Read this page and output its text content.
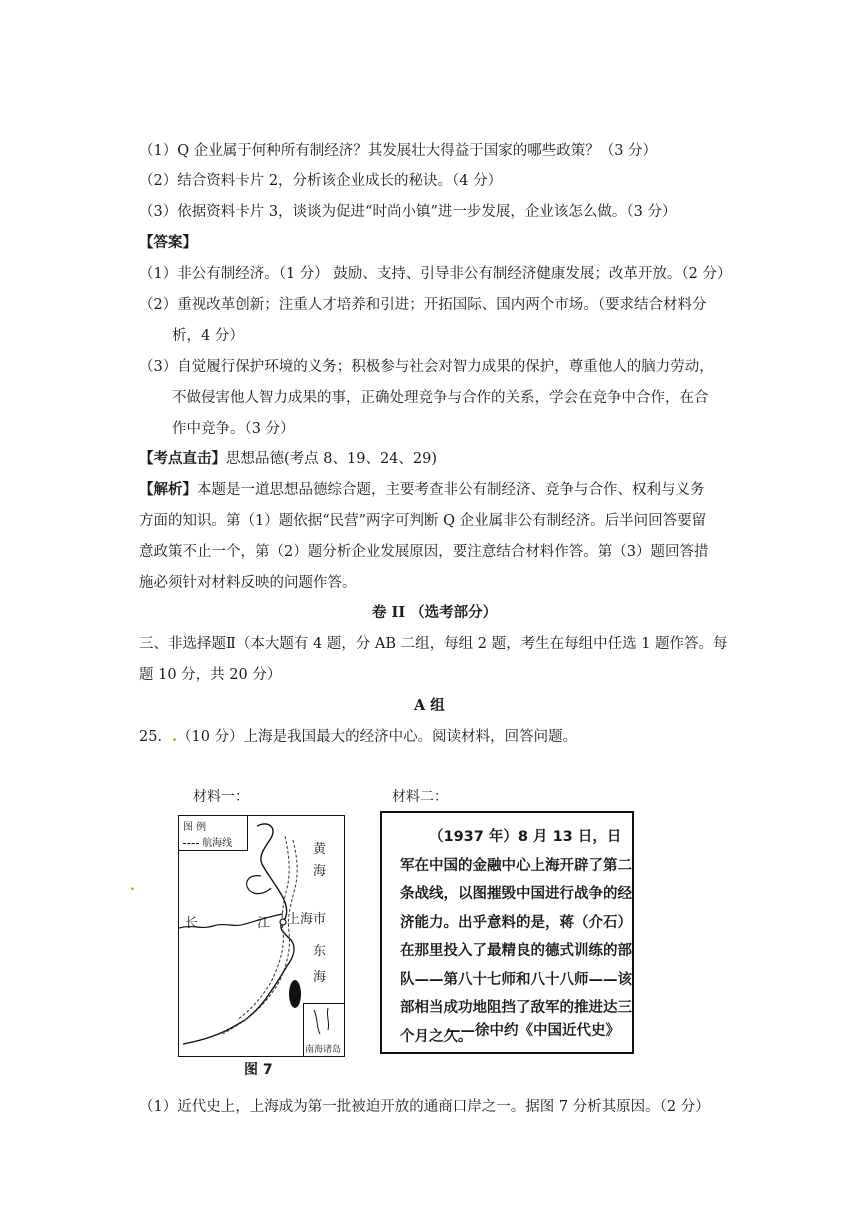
（1）Q 企业属于何种所有制经济？其发展壮大得益于国家的哪些政策？（3 分）
（2）结合资料卡片 2，分析该企业成长的秘诀。（4 分）
（3）依据资料卡片 3，谈谈为促进“时尚小镇”进一步发展，企业该怎么做。（3 分）
【答案】
（1）非公有制经济。（1 分） 鼓励、支持、引导非公有制经济健康发展；改革开放。（2 分）
（2）重视改革创新；注重人才培养和引进；开拓国际、国内两个市场。（要求结合材料分
析，4 分）
（3）自觉履行保护环境的义务；积极参与社会对智力成果的保护，尊重他人的脑力劳动，
不做侵害他人智力成果的事，正确处理竞争与合作的关系，学会在竞争中合作，在合
作中竞争。（3 分）
【考点直击】思想品德(考点 8、19、24、29)
【解析】本题是一道思想品德综合题，主要考查非公有制经济、竞争与合作、权利与义务
方面的知识。第（1）题依据“民营”两字可判断 Q 企业属非公有制经济。后半问回答要留
意政策不止一个，第（2）题分析企业发展原因，要注意结合材料作答。第（3）题回答措
施必须针对材料反映的问题作答。
卷 II （选考部分）
三、非选择题Ⅱ（本大题有 4 题，分 AB 二组，每组 2 题，考生在每组中任选 1 题作答。每
题 10 分，共 20 分）
A 组
25．.（10 分）上海是我国最大的经济中心。阅读材料，回答问题。
.
材料一：	材料二：
图 例
航海线	黄
海
长	江 上海市
东
海
南海诸岛
图 7
（1937 年）8 月 13 日，日军在中国的金融中心上海开辟了第二条战线，以图摧毁中国进行战争的经济能力。出乎意料的是，蒋（介石）在那里投入了最精良的德式训练的部队——第八十七师和八十八师——该部相当成功地阻挡了敌军的推进达三个月之久。
——徐中约《中国近代史》
（1）近代史上，上海成为第一批被迫开放的通商口岸之一。据图 7 分析其原因。（2 分）
